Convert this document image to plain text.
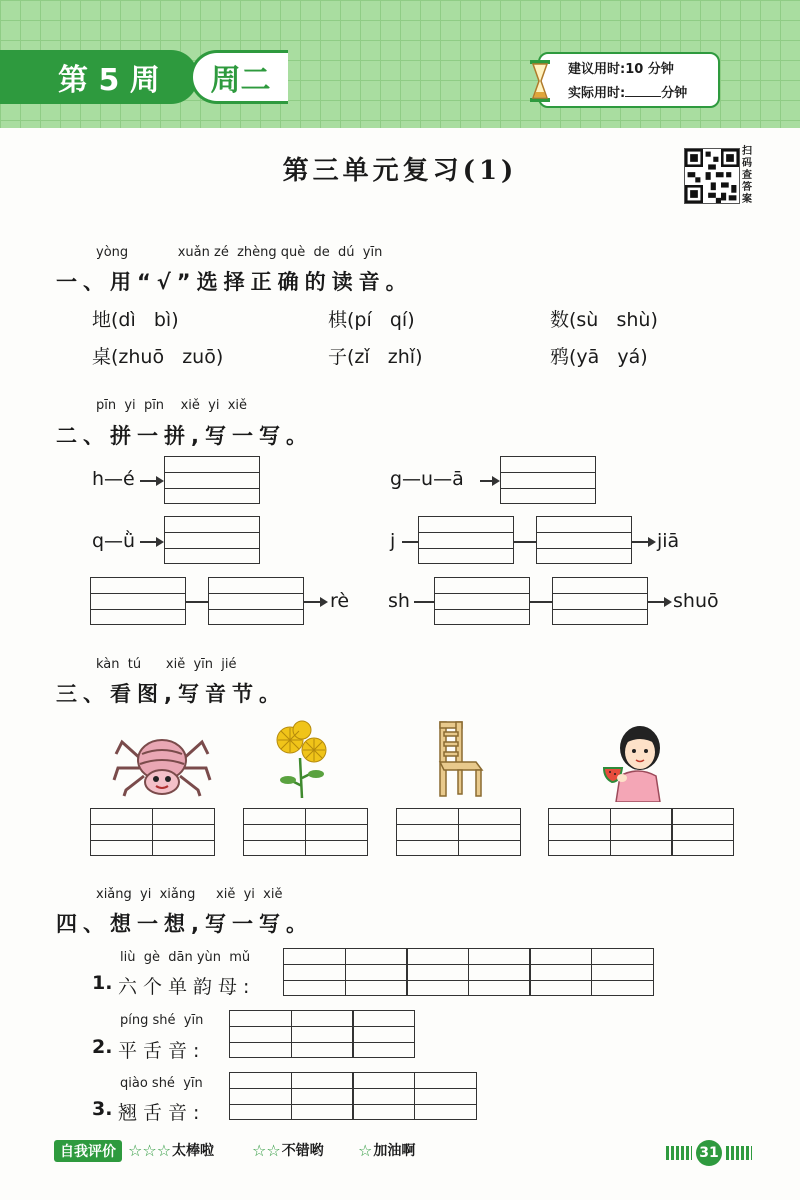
第 5 周	周二	建议用时:10 分钟
实际用时:	分钟
第三单元复习(1)
扫码查答案
yòng            xuǎn zé  zhèng què  de  dú  yīn
一、用“√”选择正确的读音。
地(dì   bì)	棋(pí   qí)	数(sù   shù)
桌(zhuō   zuō)	子(zǐ   zhǐ)	鸦(yā   yá)
pīn  yi  pīn    xiě  yi  xiě
二、拼一拼,写一写。
h—é	g—u—ā
q—ǜ	j	jiā
rè sh	shuō
kàn  tú      xiě  yīn  jié
三、看图,写音节。
xiǎng  yi  xiǎng     xiě  yi  xiě
四、想一想,写一写。
liù  gè  dān yùn  mǔ
1. 六个单韵母:
píng shé  yīn
2. 平舌音:
qiào shé  yīn
3. 翘舌音:
自我评价 ☆☆☆ 太棒啦 ☆☆ 不错哟 ☆ 加油啊	31
